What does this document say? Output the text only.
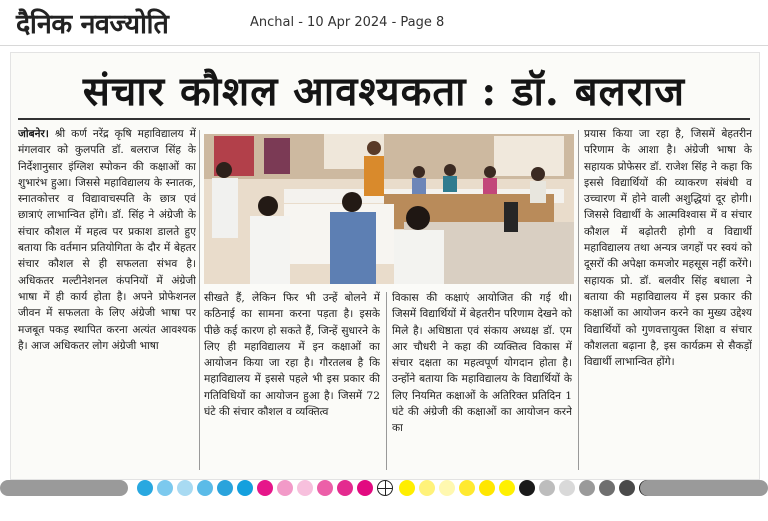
दैनिक नवज्योति	Anchal - 10 Apr 2024 - Page 8
संचार कौशल आवश्यकता : डॉ. बलराज
जोबनेर। श्री कर्ण नरेंद्र कृषि महाविद्यालय में मंगलवार को कुलपति डॉ. बलराज सिंह के निर्देशानुसार इंग्लिश स्पोकन की कक्षाओं का शुभारंभ हुआ। जिससे महाविद्यालय के स्नातक, स्नातकोत्तर व विद्यावाचस्पति के छात्र एवं छात्राएं लाभान्वित होंगे। डॉ. सिंह ने अंग्रेजी के संचार कौशल में महत्व पर प्रकाश डालते हुए बताया कि वर्तमान प्रतियोगिता के दौर में बेहतर संचार कौशल से ही सफलता संभव है। अधिकतर मल्टीनेशनल कंपनियों में अंग्रेजी भाषा में ही कार्य होता है। अपने प्रोफेशनल जीवन में सफलता के लिए अंग्रेजी भाषा पर मजबूत पकड़ स्थापित करना अत्यंत आवश्यक है। आज अधिकतर लोग अंग्रेजी भाषा
सीखते हैं, लेकिन फिर भी उन्हें बोलने में कठिनाई का सामना करना पड़ता है। इसके पीछे कई कारण हो सकते हैं, जिन्हें सुधारने के लिए ही महाविद्यालय में इन कक्षाओं का आयोजन किया जा रहा है। गौरतलब है कि महाविद्यालय में इससे पहले भी इस प्रकार की गतिविधियों का आयोजन हुआ है। जिसमें 72 घंटे की संचार कौशल व व्यक्तित्व
विकास की कक्षाएं आयोजित की गई थी। जिसमें विद्यार्थियों में बेहतरीन परिणाम देखने को मिले है। अधिष्ठाता एवं संकाय अध्यक्ष डॉ. एम आर चौधरी ने कहा की व्यक्तित्व विकास में संचार दक्षता का महत्वपूर्ण योगदान होता है। उन्होंने बताया कि महाविद्यालय के विद्यार्थियों के लिए नियमित कक्षाओं के अतिरिक्त प्रतिदिन 1 घंटे की अंग्रेजी की कक्षाओं का आयोजन करने का
प्रयास किया जा रहा है, जिसमें बेहतरीन परिणाम के आशा है। अंग्रेजी भाषा के सहायक प्रोफेसर डॉ. राजेश सिंह ने कहा कि इससे विद्यार्थियों की व्याकरण संबंधी व उच्चारण में होने वाली अशुद्धियां दूर होगी। जिससे विद्यार्थी के आत्मविश्वास में व संचार कौशल में बढ़ोतरी होगी व विद्यार्थी महाविद्यालय तथा अन्यत्र जगहों पर स्वयं को दूसरों की अपेक्षा कमजोर महसूस नहीं करेंगे। सहायक प्रो. डॉ. बलवीर सिंह बधाला ने बताया की महाविद्यालय में इस प्रकार की कक्षाओं का आयोजन करने का मुख्य उद्देश्य विद्यार्थियों को गुणवत्तायुक्त शिक्षा व संचार कौशलता बढ़ाना है, इस कार्यक्रम से सैकड़ों विद्यार्थी लाभान्वित होंगे।
